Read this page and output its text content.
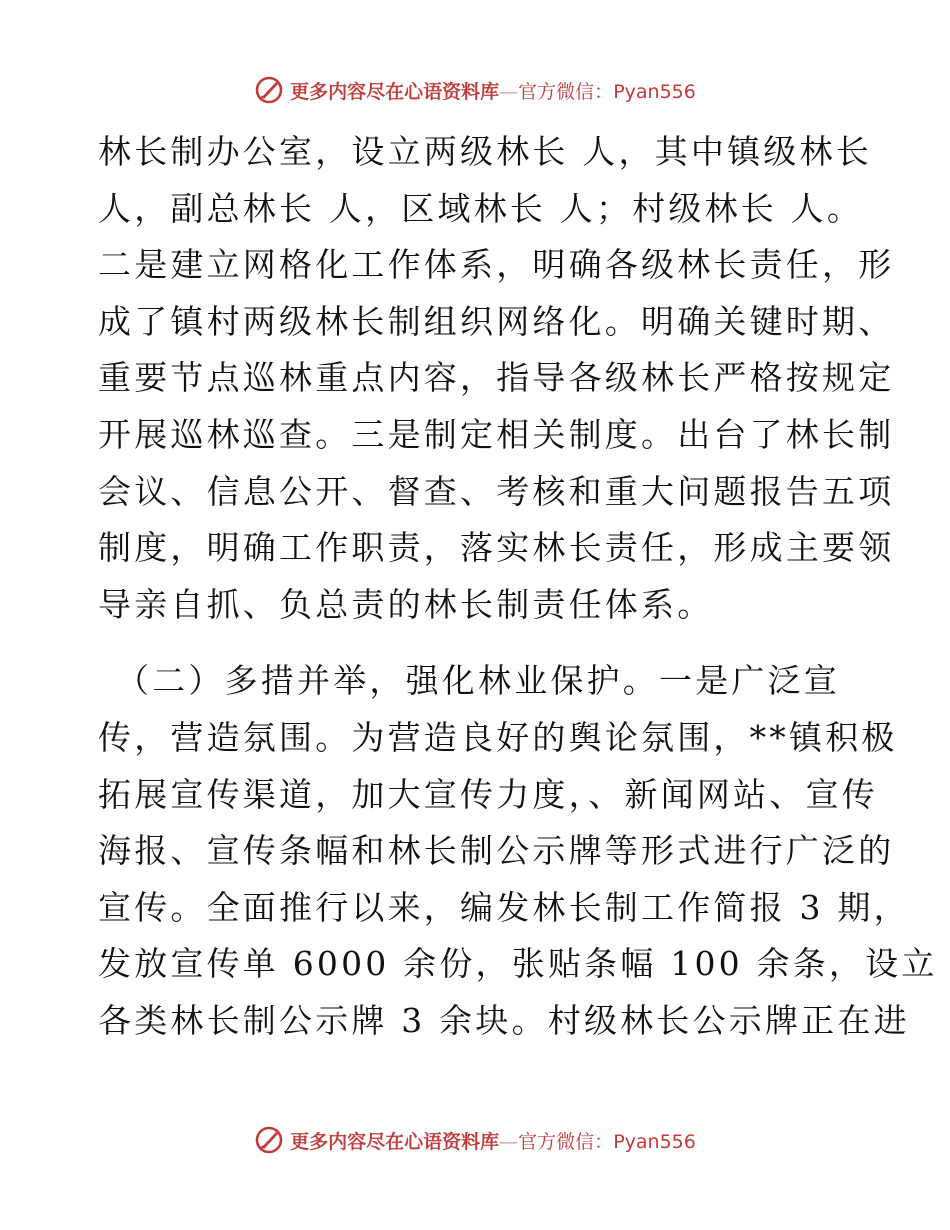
更多内容尽在心语资料库—官方微信：Pyan556
林长制办公室，设立两级林长 人，其中镇级林长
人，副总林长 人，区域林长 人；村级林长 人。
二是建立网格化工作体系，明确各级林长责任，形
成了镇村两级林长制组织网络化。明确关键时期、
重要节点巡林重点内容，指导各级林长严格按规定
开展巡林巡查。三是制定相关制度。出台了林长制
会议、信息公开、督查、考核和重大问题报告五项
制度，明确工作职责，落实林长责任，形成主要领
导亲自抓、负总责的林长制责任体系。
（二）多措并举，强化林业保护。一是广泛宣
传，营造氛围。为营造良好的舆论氛围，**镇积极
拓展宣传渠道，加大宣传力度，、新闻网站、宣传
海报、宣传条幅和林长制公示牌等形式进行广泛的
宣传。全面推行以来，编发林长制工作简报 3 期，
发放宣传单 6000 余份，张贴条幅 100 余条，设立
各类林长制公示牌 3 余块。村级林长公示牌正在进
更多内容尽在心语资料库—官方微信：Pyan556
